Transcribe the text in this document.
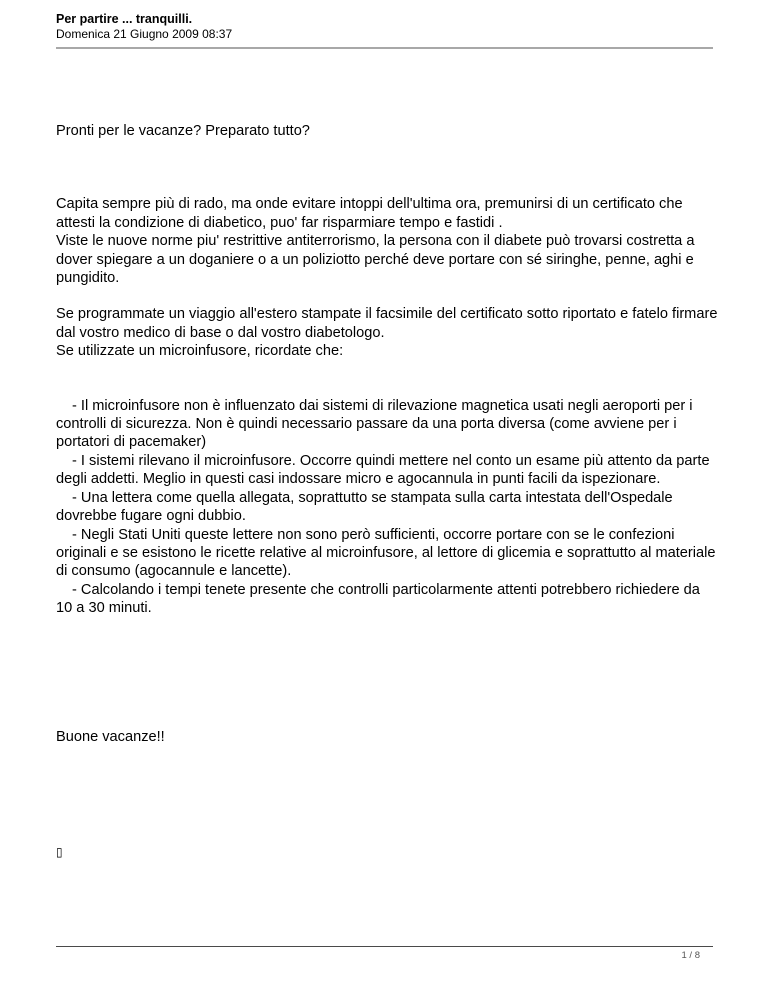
Per partire ... tranquilli.
Domenica 21 Giugno 2009 08:37

Pronti per le vacanze? Preparato tutto?

Capita sempre più di rado, ma onde evitare intoppi dell'ultima ora, premunirsi di un certificato che attesti la condizione di diabetico, puo' far risparmiare tempo e fastidi .

Viste le nuove norme piu' restrittive antiterrorismo, la persona con il diabete può trovarsi costretta a dover spiegare a un doganiere o a un poliziotto perché deve portare con sé siringhe, penne, aghi e pungidito.

Se programmate un viaggio all'estero stampate il facsimile del certificato sotto riportato e fatelo firmare dal vostro medico di base o dal vostro diabetologo.

Se utilizzate un microinfusore, ricordate che:

- Il microinfusore non è influenzato dai sistemi di rilevazione magnetica usati negli aeroporti per i controlli di sicurezza. Non è quindi necessario passare da una porta diversa (come avviene per i portatori di pacemaker)

- I sistemi rilevano il microinfusore. Occorre quindi mettere nel conto un esame più attento da parte degli addetti. Meglio in questi casi indossare micro e agocannula in punti facili da ispezionare.

- Una lettera come quella allegata, soprattutto se stampata sulla carta intestata dell'Ospedale dovrebbe fugare ogni dubbio.

- Negli Stati Uniti queste lettere non sono però sufficienti, occorre portare con se le confezioni originali e se esistono le ricette relative al microinfusore, al lettore di glicemia e soprattutto al materiale di consumo (agocannule e lancette).

- Calcolando i tempi tenete presente che controlli particolarmente attenti potrebbero richiedere da 10 a 30 minuti.

Buone vacanze!!

▯

1 / 8
